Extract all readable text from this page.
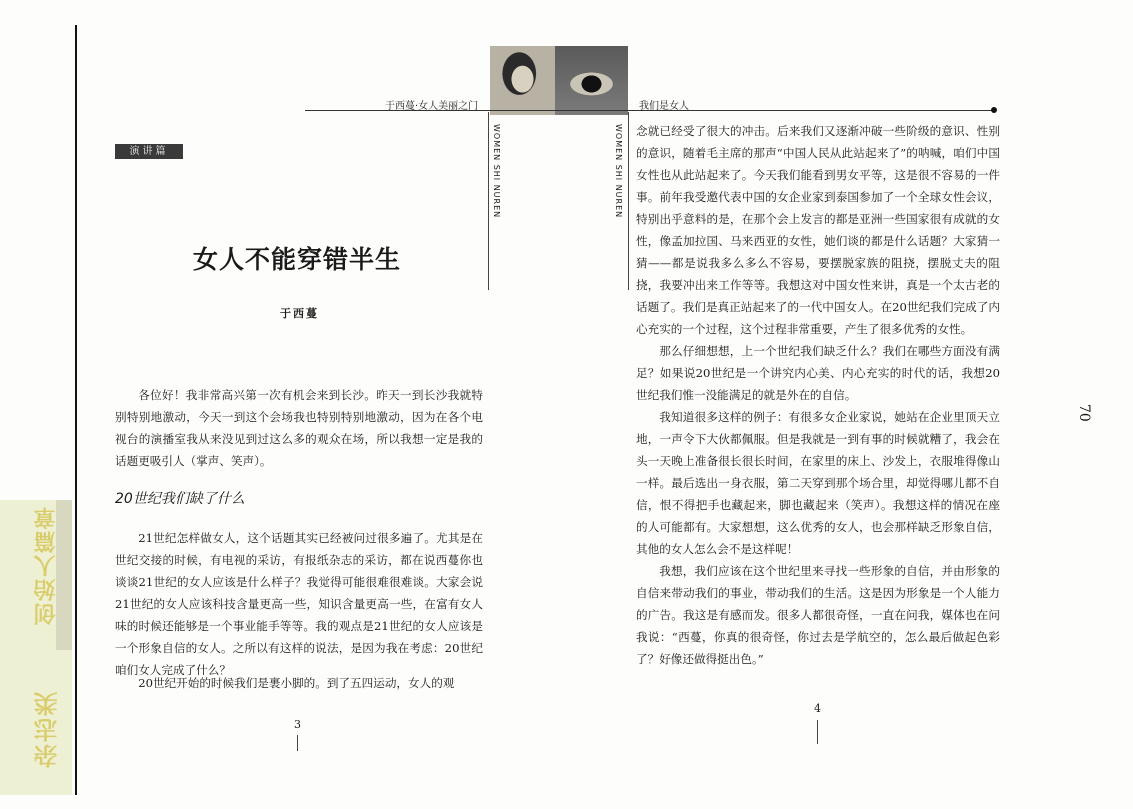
杂志类
创始人篇章
于西蔓·女人美丽之门	我们是女人
WOMEN SHI NUREN	WOMEN SHI NUREN
演讲篇
女人不能穿错半生
于西蔓

各位好！我非常高兴第一次有机会来到长沙。昨天一到长沙我就特别特别地激动，今天一到这个会场我也特别特别地激动，因为在各个电视台的演播室我从来没见到过这么多的观众在场，所以我想一定是我的话题更吸引人（掌声、笑声）。

20世纪我们缺了什么

21世纪怎样做女人，这个话题其实已经被问过很多遍了。尤其是在世纪交接的时候，有电视的采访，有报纸杂志的采访，都在说西蔓你也谈谈21世纪的女人应该是什么样子？我觉得可能很难很难谈。大家会说21世纪的女人应该科技含量更高一些，知识含量更高一些，在富有女人味的时候还能够是一个事业能手等等。我的观点是21世纪的女人应该是一个形象自信的女人。之所以有这样的说法，是因为我在考虑：20世纪咱们女人完成了什么？

20世纪开始的时候我们是裹小脚的。到了五四运动，女人的观

念就已经受了很大的冲击。后来我们又逐渐冲破一些阶级的意识、性别的意识，随着毛主席的那声“中国人民从此站起来了”的呐喊，咱们中国女性也从此站起来了。今天我们能看到男女平等，这是很不容易的一件事。前年我受邀代表中国的女企业家到泰国参加了一个全球女性会议，特别出乎意料的是，在那个会上发言的都是亚洲一些国家很有成就的女性，像孟加拉国、马来西亚的女性，她们谈的都是什么话题？大家猜一猜——都是说我多么多么不容易，要摆脱家族的阻挠，摆脱丈夫的阻挠，我要冲出来工作等等。我想这对中国女性来讲，真是一个太古老的话题了。我们是真正站起来了的一代中国女人。在20世纪我们完成了内心充实的一个过程，这个过程非常重要，产生了很多优秀的女性。

那么仔细想想，上一个世纪我们缺乏什么？我们在哪些方面没有满足？如果说20世纪是一个讲究内心美、内心充实的时代的话，我想20世纪我们惟一没能满足的就是外在的自信。

我知道很多这样的例子：有很多女企业家说，她站在企业里顶天立地，一声令下大伙都佩服。但是我就是一到有事的时候就糟了，我会在头一天晚上准备很长很长时间，在家里的床上、沙发上，衣服堆得像山一样。最后选出一身衣服，第二天穿到那个场合里，却觉得哪儿都不自信，恨不得把手也藏起来，脚也藏起来（笑声）。我想这样的情况在座的人可能都有。大家想想，这么优秀的女人，也会那样缺乏形象自信，其他的女人怎么会不是这样呢！

我想，我们应该在这个世纪里来寻找一些形象的自信，并由形象的自信来带动我们的事业，带动我们的生活。这是因为形象是一个人能力的广告。我这是有感而发。很多人都很奇怪，一直在问我，媒体也在问我说：“西蔓，你真的很奇怪，你过去是学航空的，怎么最后做起色彩了？好像还做得挺出色。”

3
4
70
